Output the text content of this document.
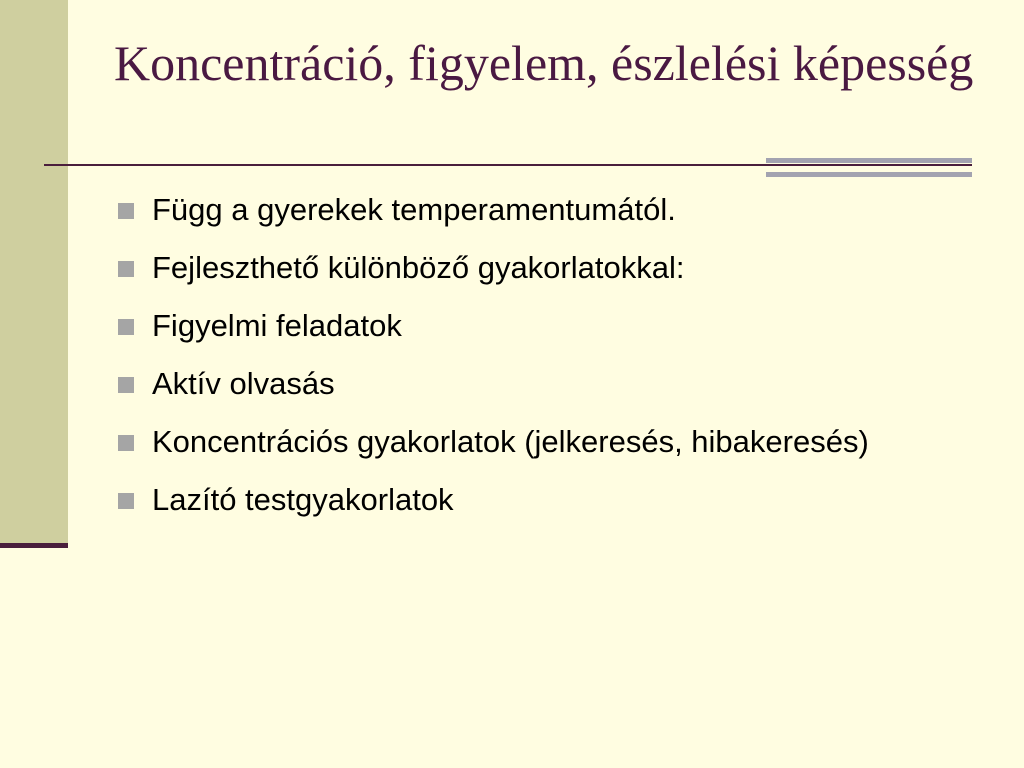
Koncentráció, figyelem, észlelési képesség
Függ a gyerekek temperamentumától.
Fejleszthető különböző gyakorlatokkal:
Figyelmi feladatok
Aktív olvasás
Koncentrációs gyakorlatok (jelkeresés, hibakeresés)
Lazító testgyakorlatok
